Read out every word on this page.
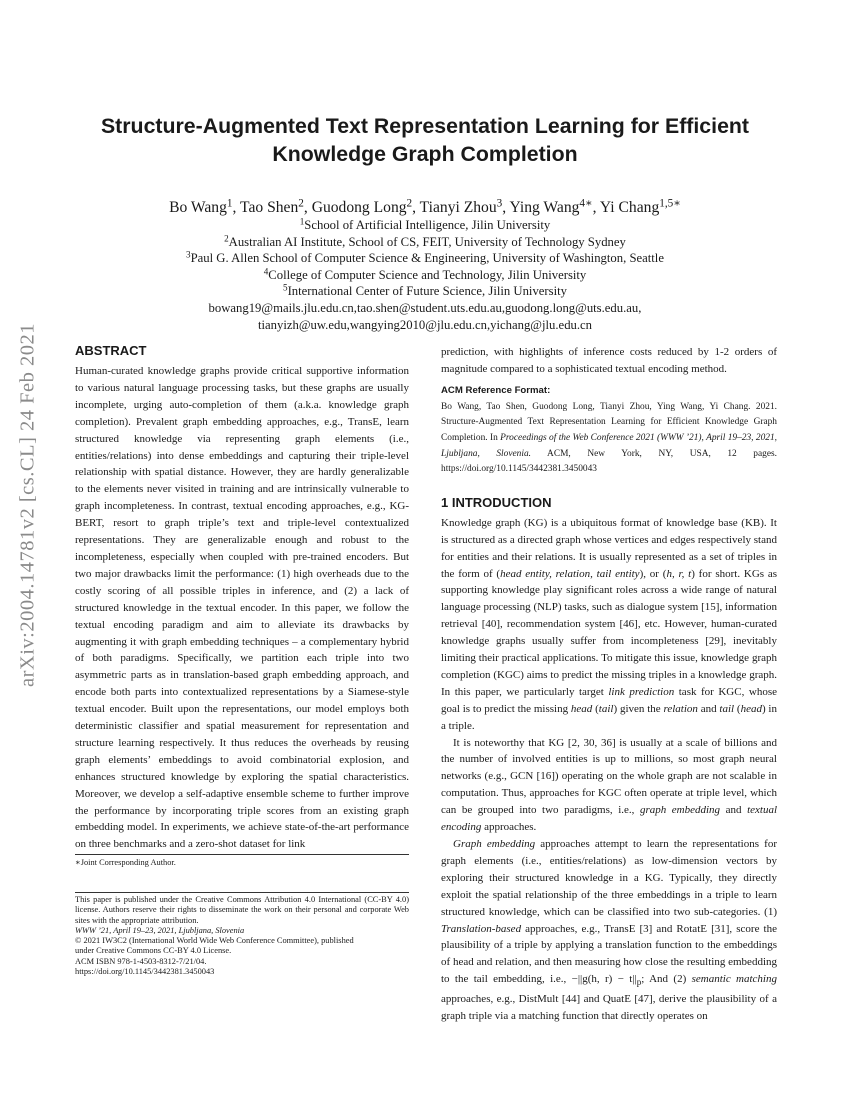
arXiv:2004.14781v2 [cs.CL] 24 Feb 2021
Structure-Augmented Text Representation Learning for Efficient
Knowledge Graph Completion
Bo Wang$^1$, Tao Shen$^2$, Guodong Long$^2$, Tianyi Zhou$^3$, Ying Wang$^{4∗}$, Yi Chang$^{1,5∗}$
$^1$School of Artificial Intelligence, Jilin University
$^2$Australian AI Institute, School of CS, FEIT, University of Technology Sydney
$^3$Paul G. Allen School of Computer Science & Engineering, University of Washington, Seattle
$^4$College of Computer Science and Technology, Jilin University
$^5$International Center of Future Science, Jilin University
bowang19@mails.jlu.edu.cn,tao.shen@student.uts.edu.au,guodong.long@uts.edu.au,
tianyizh@uw.edu,wangying2010@jlu.edu.cn,yichang@jlu.edu.cn
ABSTRACT

Human-curated knowledge graphs provide critical supportive information to various natural language processing tasks, but these graphs are usually incomplete, urging auto-completion of them (a.k.a. knowledge graph completion). Prevalent graph embedding approaches, e.g., TransE, learn structured knowledge via representing graph elements (i.e., entities/relations) into dense embeddings and capturing their triple-level relationship with spatial distance. However, they are hardly generalizable to the elements never visited in training and are intrinsically vulnerable to graph incompleteness. In contrast, textual encoding approaches, e.g., KG-BERT, resort to graph triple’s text and triple-level contextualized representations. They are generalizable enough and robust to the incompleteness, especially when coupled with pre-trained encoders. But two major drawbacks limit the performance: (1) high overheads due to the costly scoring of all possible triples in inference, and (2) a lack of structured knowledge in the textual encoder. In this paper, we follow the textual encoding paradigm and aim to alleviate its drawbacks by augmenting it with graph embedding techniques – a complementary hybrid of both paradigms. Specifically, we partition each triple into two asymmetric parts as in translation-based graph embedding approach, and encode both parts into contextualized representations by a Siamese-style textual encoder. Built upon the representations, our model employs both deterministic classifier and spatial measurement for representation and structure learning respectively. It thus reduces the overheads by reusing graph elements’ embeddings to avoid combinatorial explosion, and enhances structured knowledge by exploring the spatial characteristics. Moreover, we develop a self-adaptive ensemble scheme to further improve the performance by incorporating triple scores from an existing graph embedding model. In experiments, we achieve state-of-the-art performance on three benchmarks and a zero-shot dataset for link

∗Joint Corresponding Author.

This paper is published under the Creative Commons Attribution 4.0 International (CC-BY 4.0) license. Authors reserve their rights to disseminate the work on their personal and corporate Web sites with the appropriate attribution.

WWW ’21, April 19–23, 2021, Ljubljana, Slovenia
© 2021 IW3C2 (International World Wide Web Conference Committee), published
under Creative Commons CC-BY 4.0 License.
ACM ISBN 978-1-4503-8312-7/21/04.
https://doi.org/10.1145/3442381.3450043

prediction, with highlights of inference costs reduced by 1-2 orders of magnitude compared to a sophisticated textual encoding method.

ACM Reference Format:

Bo Wang, Tao Shen, Guodong Long, Tianyi Zhou, Ying Wang, Yi Chang. 2021. Structure-Augmented Text Representation Learning for Efficient Knowledge Graph Completion. In Proceedings of the Web Conference 2021 (WWW ’21), April 19–23, 2021, Ljubljana, Slovenia. ACM, New York, NY, USA, 12 pages. https://doi.org/10.1145/3442381.3450043

1 INTRODUCTION

Knowledge graph (KG) is a ubiquitous format of knowledge base (KB). It is structured as a directed graph whose vertices and edges respectively stand for entities and their relations. It is usually represented as a set of triples in the form of (head entity, relation, tail entity), or (h, r, t) for short. KGs as supporting knowledge play significant roles across a wide range of natural language processing (NLP) tasks, such as dialogue system [15], information retrieval [40], recommendation system [46], etc. However, human-curated knowledge graphs usually suffer from incompleteness [29], inevitably limiting their practical applications. To mitigate this issue, knowledge graph completion (KGC) aims to predict the missing triples in a knowledge graph. In this paper, we particularly target link prediction task for KGC, whose goal is to predict the missing head (tail) given the relation and tail (head) in a triple.

It is noteworthy that KG [2, 30, 36] is usually at a scale of billions and the number of involved entities is up to millions, so most graph neural networks (e.g., GCN [16]) operating on the whole graph are not scalable in computation. Thus, approaches for KGC often operate at triple level, which can be grouped into two paradigms, i.e., graph embedding and textual encoding approaches.

Graph embedding approaches attempt to learn the representations for graph elements (i.e., entities/relations) as low-dimension vectors by exploring their structured knowledge in a KG. Typically, they directly exploit the spatial relationship of the three embeddings in a triple to learn structured knowledge, which can be classified into two sub-categories. (1) Translation-based approaches, e.g., TransE [3] and RotatE [31], score the plausibility of a triple by applying a translation function to the embeddings of head and relation, and then measuring how close the resulting embedding to the tail embedding, i.e., −||g(h, $r) - t||_p$; And (2) semantic matching approaches, e.g., DistMult [44] and QuatE [47], derive the plausibility of a graph triple via a matching function that directly operates on
